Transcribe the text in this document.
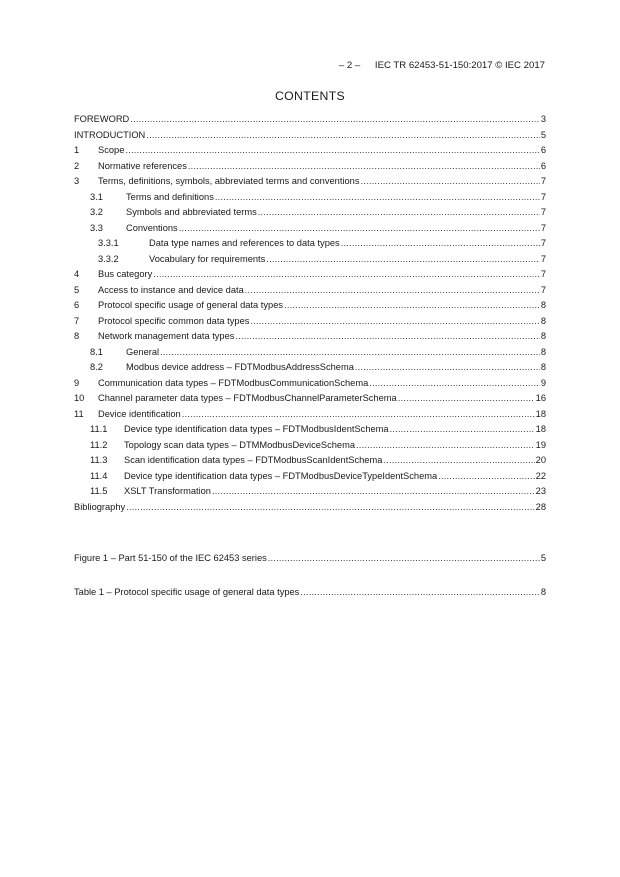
– 2 – IEC TR 62453-51-150:2017 © IEC 2017
CONTENTS
FOREWORD .....	3
INTRODUCTION .....	5
1	Scope .....	6
2	Normative references .....	6
3	Terms, definitions, symbols, abbreviated terms and conventions .....	7
3.1	Terms and definitions .....	7
3.2	Symbols and abbreviated terms .....	7
3.3	Conventions .....	7
3.3.1	Data type names and references to data types .....	7
3.3.2	Vocabulary for requirements .....	7
4	Bus category .....	7
5	Access to instance and device data .....	7
6	Protocol specific usage of general data types .....	8
7	Protocol specific common data types .....	8
8	Network management data types .....	8
8.1	General .....	8
8.2	Modbus device address – FDTModbusAddressSchema .....	8
9	Communication data types – FDTModbusCommunicationSchema .....	9
10	Channel parameter data types – FDTModbusChannelParameterSchema .....	16
11	Device identification .....	18
11.1	Device type identification data types – FDTModbusIdentSchema .....	18
11.2	Topology scan data types – DTMModbusDeviceSchema .....	19
11.3	Scan identification data types – FDTModbusScanIdentSchema .....	20
11.4	Device type identification data types – FDTModbusDeviceTypeIdentSchema .....	22
11.5	XSLT Transformation .....	23
Bibliography .....	28
Figure 1 – Part 51-150 of the IEC 62453 series .....	5
Table 1 – Protocol specific usage of general data types .....	8
